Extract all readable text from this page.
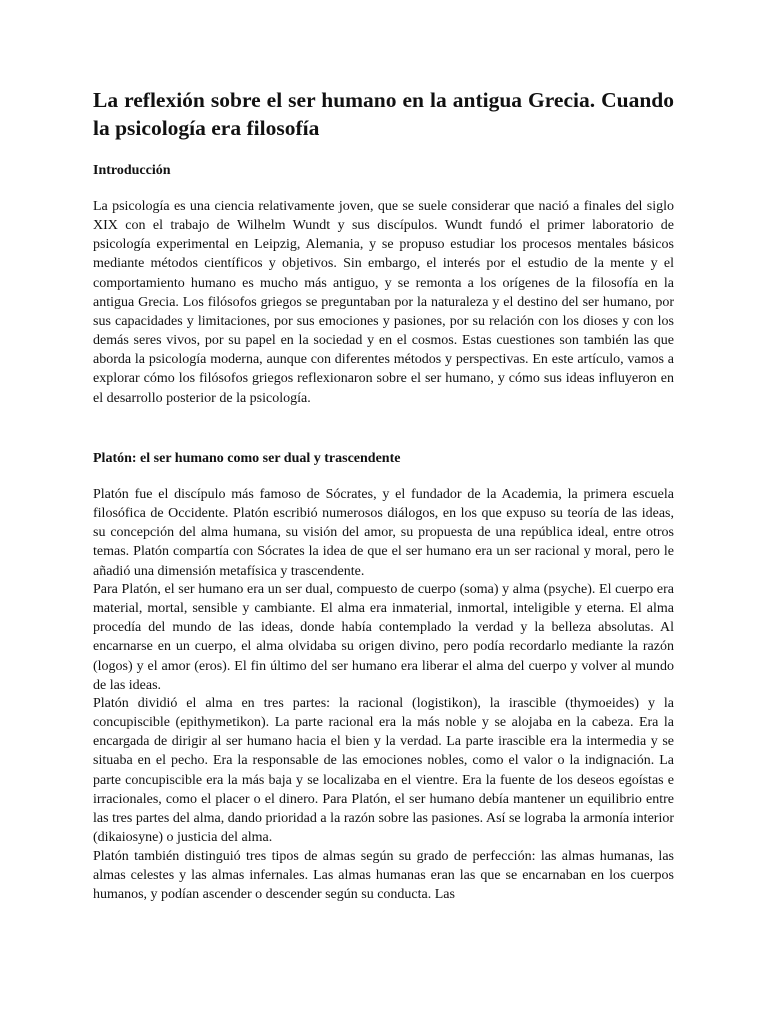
La reflexión sobre el ser humano en la antigua Grecia. Cuando la psicología era filosofía
Introducción

La psicología es una ciencia relativamente joven, que se suele considerar que nació a finales del siglo XIX con el trabajo de Wilhelm Wundt y sus discípulos. Wundt fundó el primer laboratorio de psicología experimental en Leipzig, Alemania, y se propuso estudiar los procesos mentales básicos mediante métodos científicos y objetivos. Sin embargo, el interés por el estudio de la mente y el comportamiento humano es mucho más antiguo, y se remonta a los orígenes de la filosofía en la antigua Grecia. Los filósofos griegos se preguntaban por la naturaleza y el destino del ser humano, por sus capacidades y limitaciones, por sus emociones y pasiones, por su relación con los dioses y con los demás seres vivos, por su papel en la sociedad y en el cosmos. Estas cuestiones son también las que aborda la psicología moderna, aunque con diferentes métodos y perspectivas. En este artículo, vamos a explorar cómo los filósofos griegos reflexionaron sobre el ser humano, y cómo sus ideas influyeron en el desarrollo posterior de la psicología.

Platón: el ser humano como ser dual y trascendente

Platón fue el discípulo más famoso de Sócrates, y el fundador de la Academia, la primera escuela filosófica de Occidente. Platón escribió numerosos diálogos, en los que expuso su teoría de las ideas, su concepción del alma humana, su visión del amor, su propuesta de una república ideal, entre otros temas. Platón compartía con Sócrates la idea de que el ser humano era un ser racional y moral, pero le añadió una dimensión metafísica y trascendente.

Para Platón, el ser humano era un ser dual, compuesto de cuerpo (soma) y alma (psyche). El cuerpo era material, mortal, sensible y cambiante. El alma era inmaterial, inmortal, inteligible y eterna. El alma procedía del mundo de las ideas, donde había contemplado la verdad y la belleza absolutas. Al encarnarse en un cuerpo, el alma olvidaba su origen divino, pero podía recordarlo mediante la razón (logos) y el amor (eros). El fin último del ser humano era liberar el alma del cuerpo y volver al mundo de las ideas.

Platón dividió el alma en tres partes: la racional (logistikon), la irascible (thymoeides) y la concupiscible (epithymetikon). La parte racional era la más noble y se alojaba en la cabeza. Era la encargada de dirigir al ser humano hacia el bien y la verdad. La parte irascible era la intermedia y se situaba en el pecho. Era la responsable de las emociones nobles, como el valor o la indignación. La parte concupiscible era la más baja y se localizaba en el vientre. Era la fuente de los deseos egoístas e irracionales, como el placer o el dinero. Para Platón, el ser humano debía mantener un equilibrio entre las tres partes del alma, dando prioridad a la razón sobre las pasiones. Así se lograba la armonía interior (dikaiosyne) o justicia del alma.

Platón también distinguió tres tipos de almas según su grado de perfección: las almas humanas, las almas celestes y las almas infernales. Las almas humanas eran las que se encarnaban en los cuerpos humanos, y podían ascender o descender según su conducta. Las
